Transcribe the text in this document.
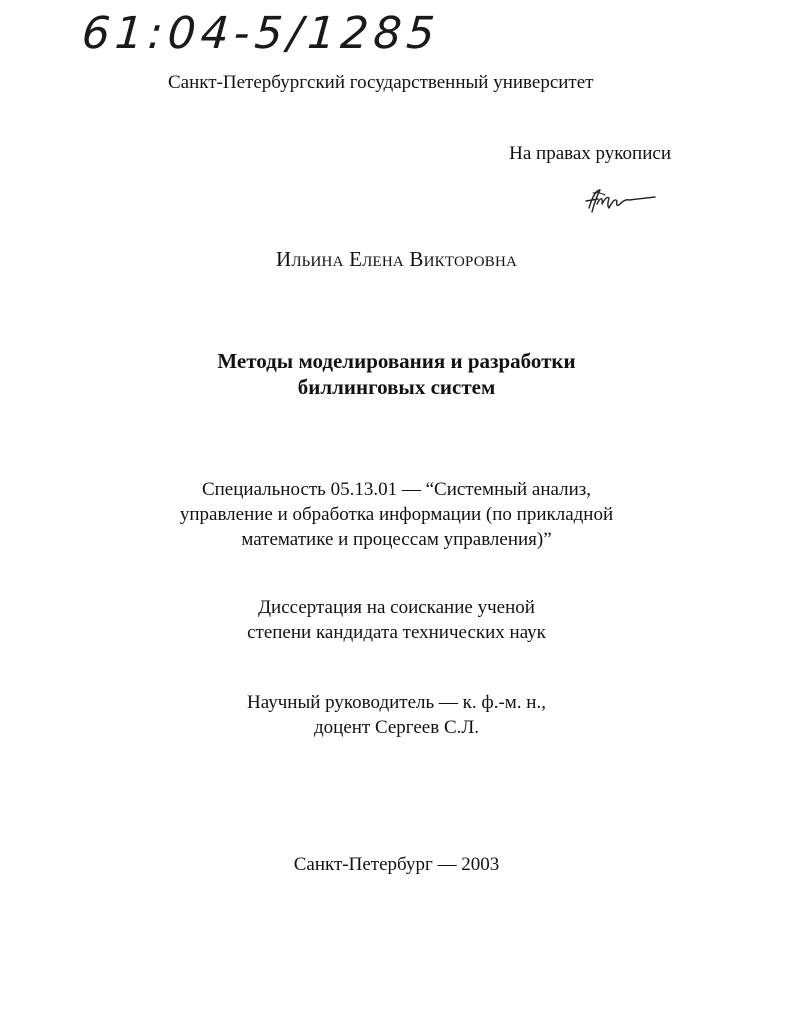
61:04-5/1285
Санкт-Петербургский государственный университет
На правах рукописи
ИЛЬИНА ЕЛЕНА ВИКТОРОВНА
Методы моделирования и разработки
биллинговых систем
Специальность 05.13.01 — “Системный анализ,
управление и обработка информации (по прикладной
математике и процессам управления)”
Диссертация на соискание ученой
степени кандидата технических наук
Научный руководитель — к. ф.-м. н.,
доцент Сергеев С.Л.
Санкт-Петербург — 2003
